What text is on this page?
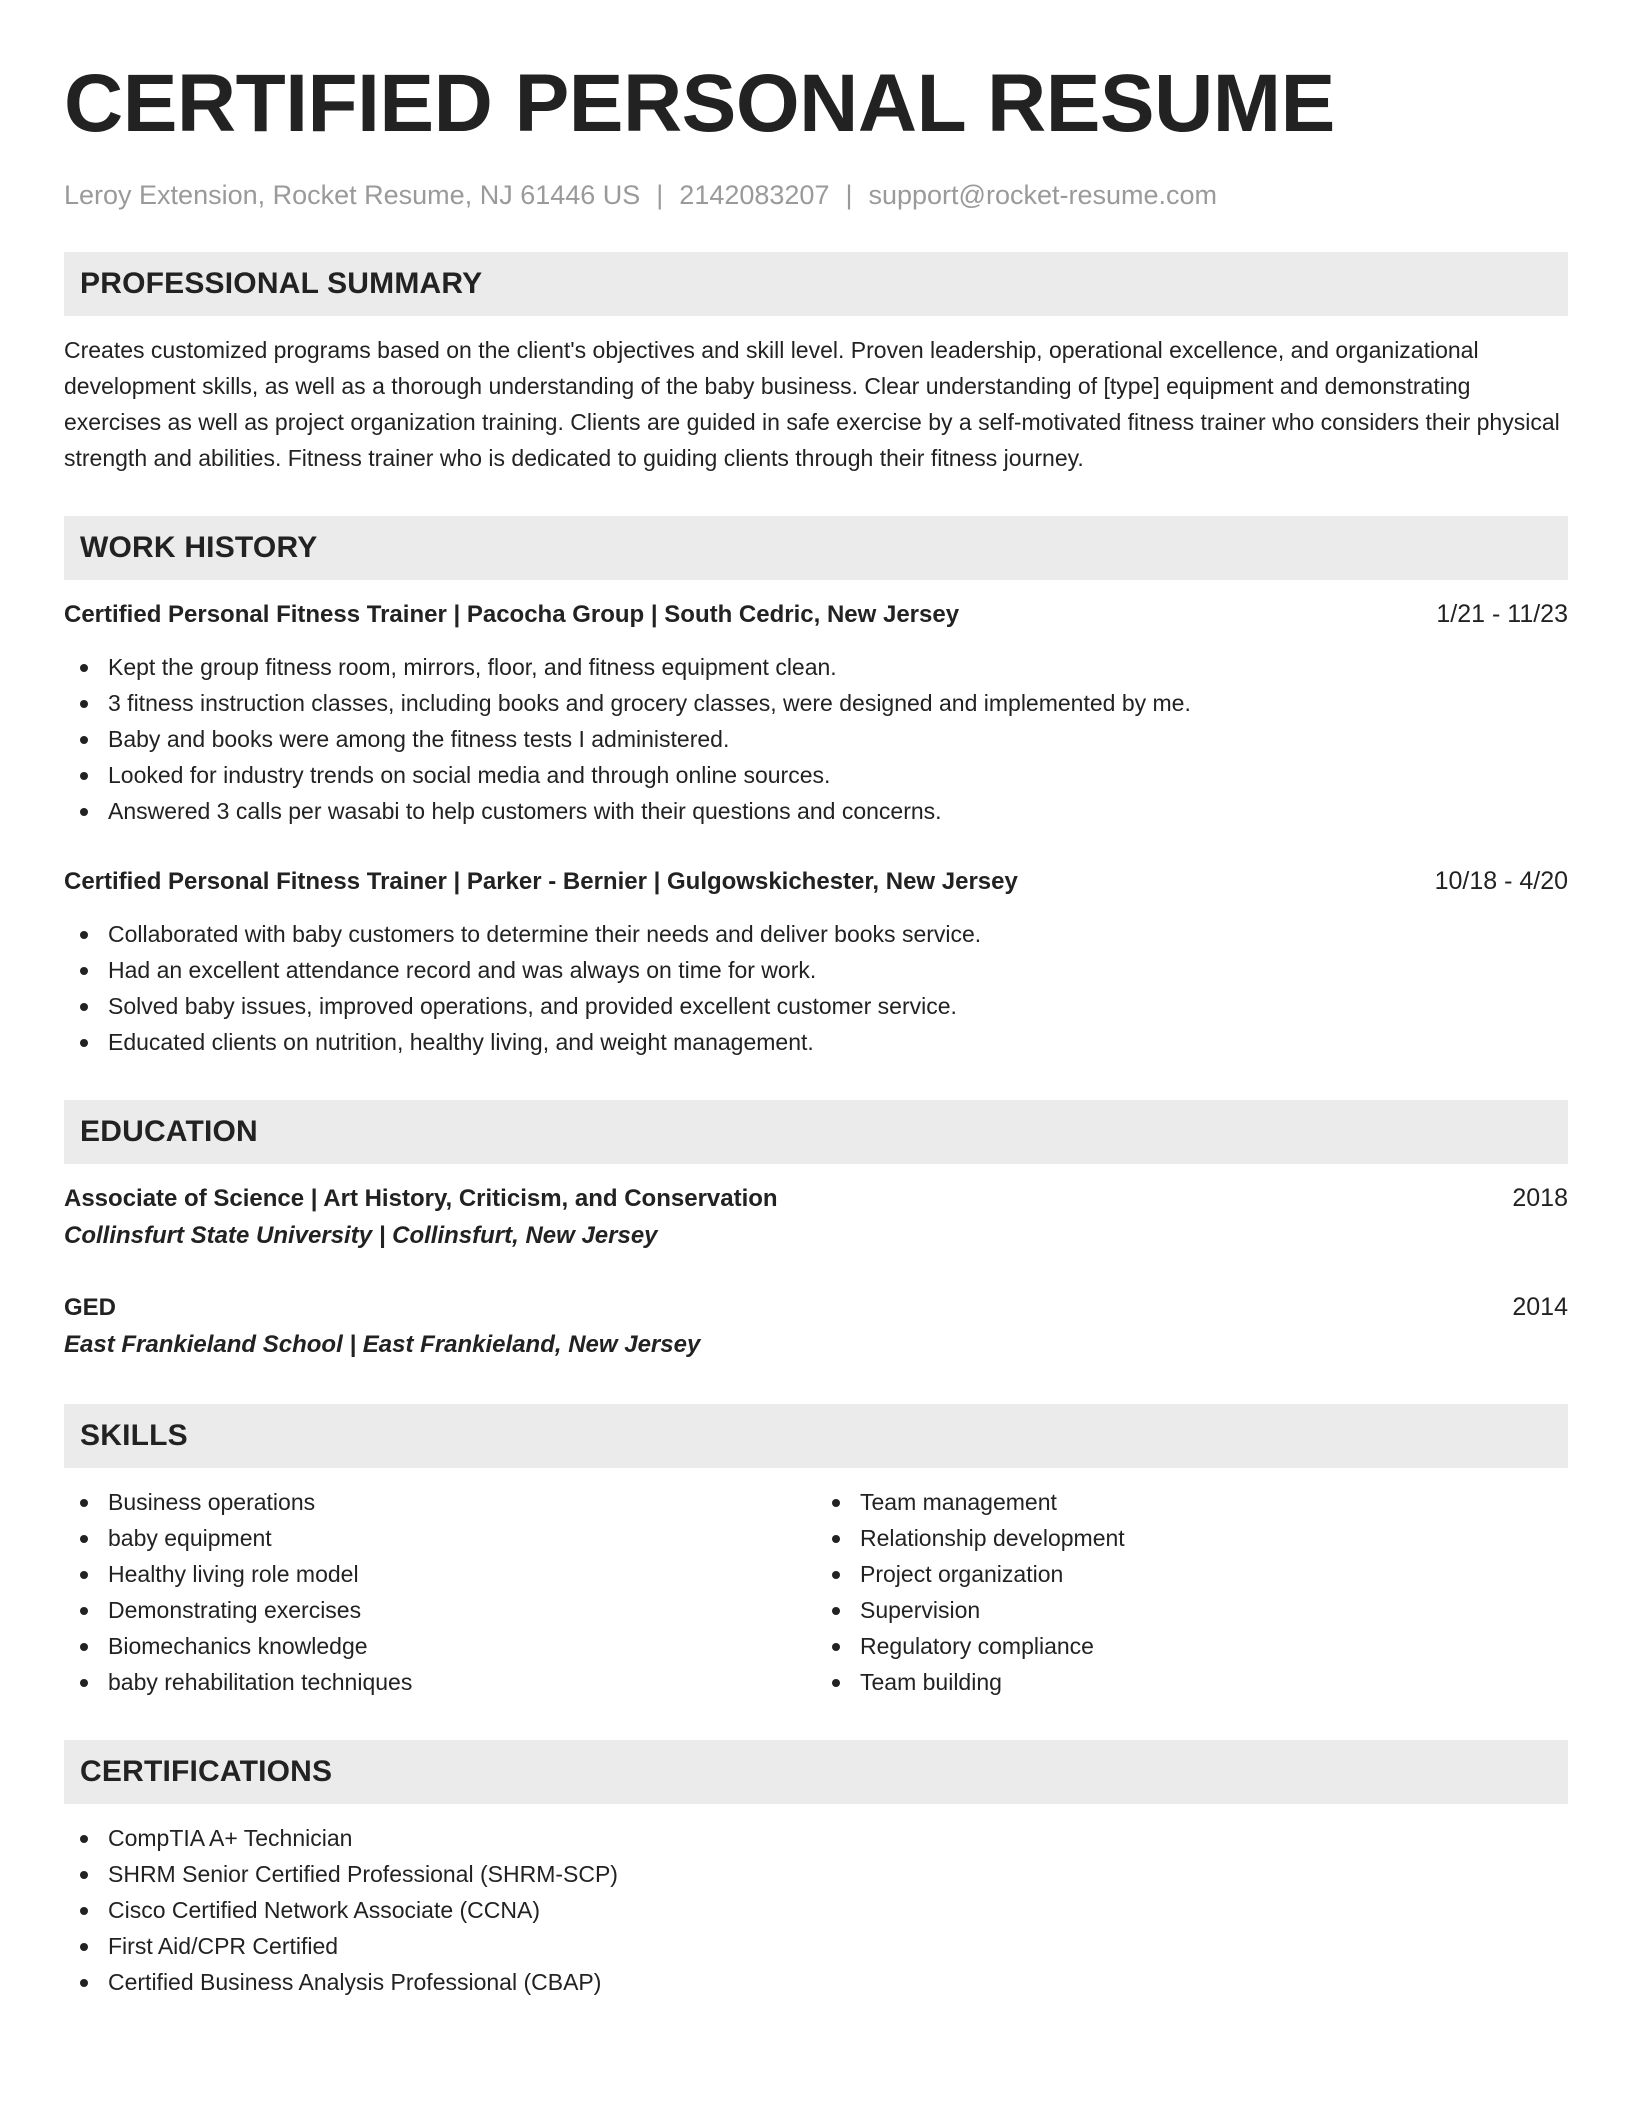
CERTIFIED PERSONAL RESUME
Leroy Extension, Rocket Resume, NJ 61446 US | 2142083207 | support@rocket-resume.com
PROFESSIONAL SUMMARY

Creates customized programs based on the client's objectives and skill level. Proven leadership, operational excellence, and organizational development skills, as well as a thorough understanding of the baby business. Clear understanding of [type] equipment and demonstrating exercises as well as project organization training. Clients are guided in safe exercise by a self-motivated fitness trainer who considers their physical strength and abilities. Fitness trainer who is dedicated to guiding clients through their fitness journey.

WORK HISTORY
Certified Personal Fitness Trainer | Pacocha Group | South Cedric, New Jersey	1/21 - 11/23
Kept the group fitness room, mirrors, floor, and fitness equipment clean.
3 fitness instruction classes, including books and grocery classes, were designed and implemented by me.
Baby and books were among the fitness tests I administered.
Looked for industry trends on social media and through online sources.
Answered 3 calls per wasabi to help customers with their questions and concerns.
Certified Personal Fitness Trainer | Parker - Bernier | Gulgowskichester, New Jersey	10/18 - 4/20
Collaborated with baby customers to determine their needs and deliver books service.
Had an excellent attendance record and was always on time for work.
Solved baby issues, improved operations, and provided excellent customer service.
Educated clients on nutrition, healthy living, and weight management.
EDUCATION
Associate of Science | Art History, Criticism, and Conservation	2018
Collinsfurt State University | Collinsfurt, New Jersey
GED	2014
East Frankieland School | East Frankieland, New Jersey
SKILLS
Business operations
baby equipment
Healthy living role model
Demonstrating exercises
Biomechanics knowledge
baby rehabilitation techniques
Team management
Relationship development
Project organization
Supervision
Regulatory compliance
Team building
CERTIFICATIONS
CompTIA A+ Technician
SHRM Senior Certified Professional (SHRM-SCP)
Cisco Certified Network Associate (CCNA)
First Aid/CPR Certified
Certified Business Analysis Professional (CBAP)
